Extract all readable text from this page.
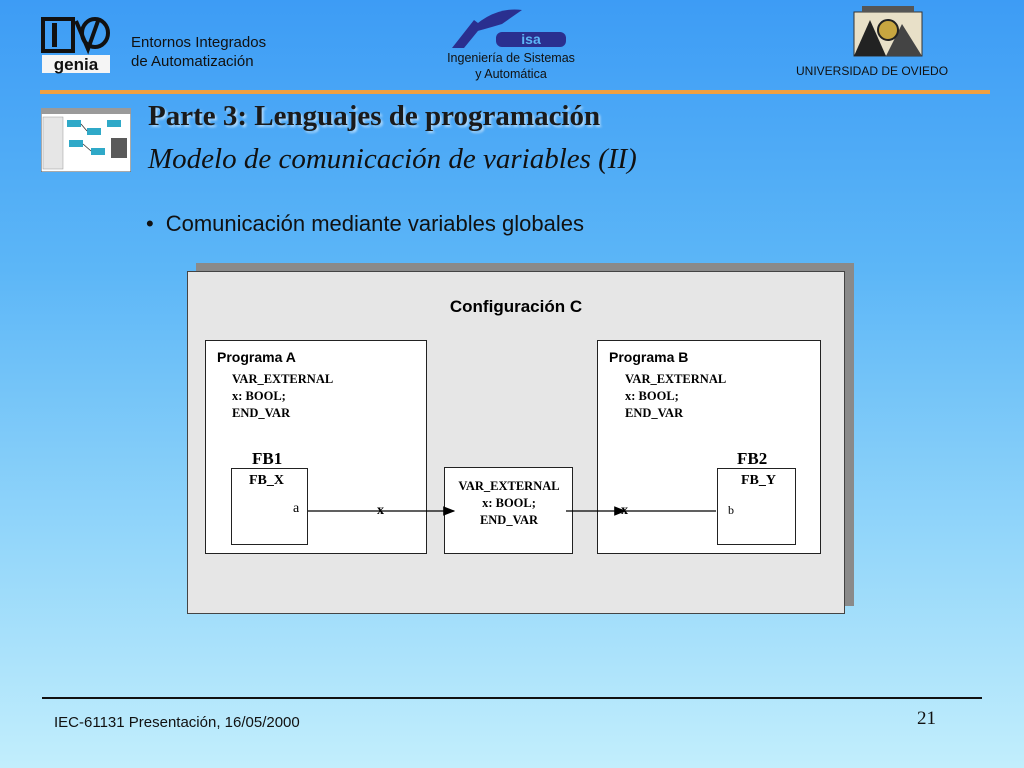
genia
Entornos Integrados
de Automatización
isa
Ingeniería de Sistemas
y Automática	UNIVERSIDAD DE OVIEDO
Parte 3: Lenguajes de programación
Modelo de comunicación de variables (II)
• Comunicación mediante variables globales
Configuración C
Programa A
VAR_EXTERNAL
x: BOOL;
END_VAR
FB1
FB_X
a
VAR_EXTERNAL
x: BOOL;
END_VAR
Programa B
VAR_EXTERNAL
x: BOOL;
END_VAR
FB2
FB_Y
b
x	x
IEC-61131 Presentación, 16/05/2000	21
